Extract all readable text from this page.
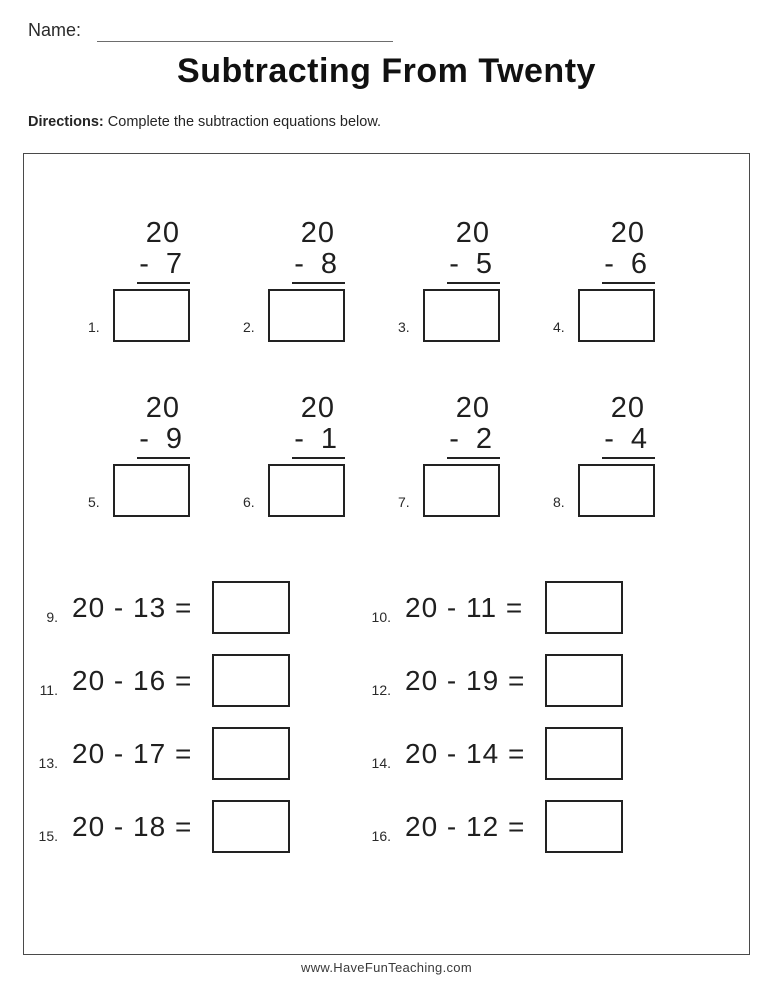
Name:
Subtracting From Twenty
Directions: Complete the subtraction equations below.
20
- 7
1.
20
- 8
2.
20
- 5
3.
20
- 6
4.
20
- 9
5.
20
- 1
6.
20
- 2
7.
20
- 4
8.
9. 20 - 13 =	10. 20 - 11 =
11. 20 - 16 =	12. 20 - 19 =
13. 20 - 17 =	14. 20 - 14 =
15. 20 - 18 =	16. 20 - 12 =
www.HaveFunTeaching.com
